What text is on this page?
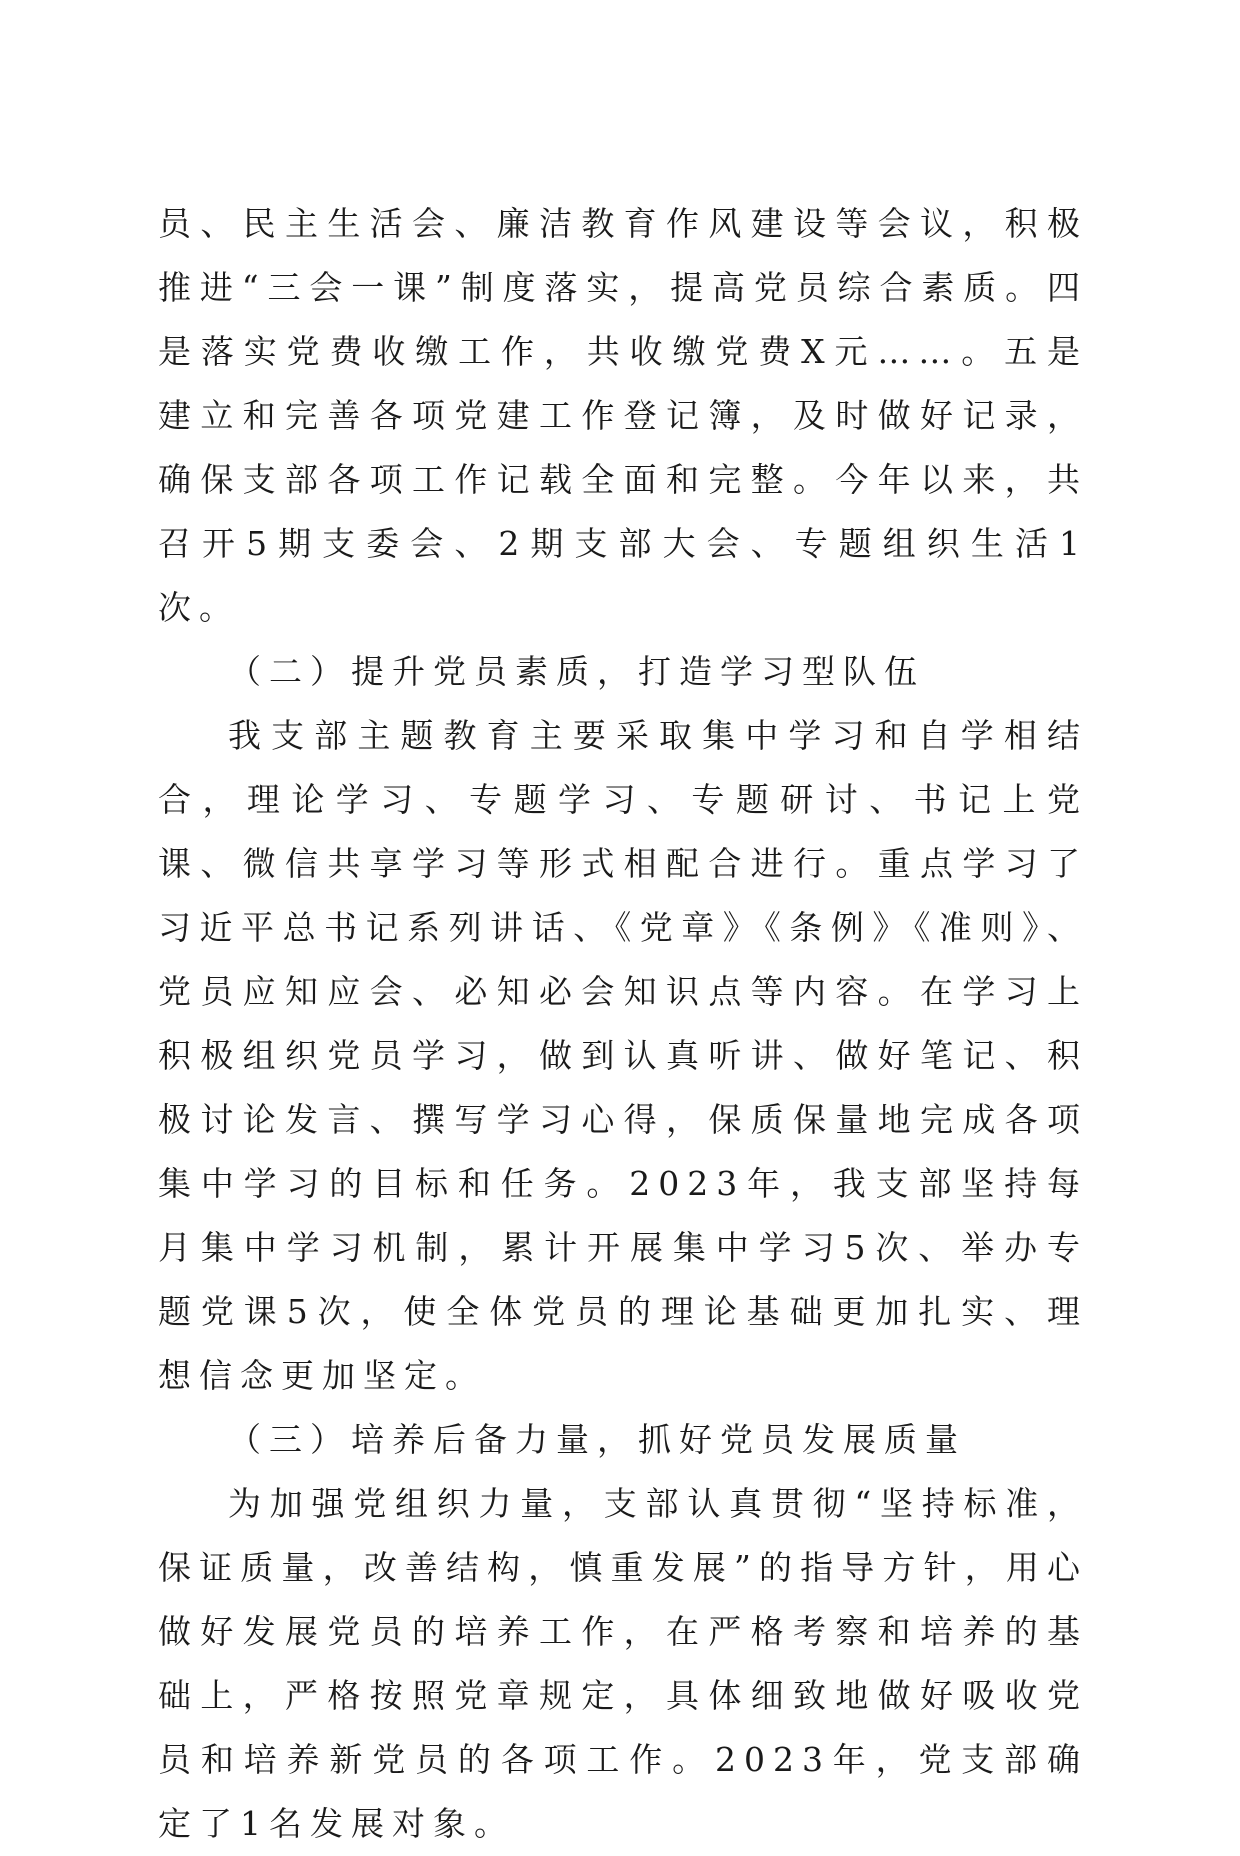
员、民主生活会、廉洁教育作风建设等会议，积极推进“三会一课”制度落实，提高党员综合素质。四是落实党费收缴工作，共收缴党费X元……。五是建立和完善各项党建工作登记簿，及时做好记录，确保支部各项工作记载全面和完整。今年以来，共召开5期支委会、2期支部大会、专题组织生活1次。

（二）提升党员素质，打造学习型队伍

我支部主题教育主要采取集中学习和自学相结合，理论学习、专题学习、专题研讨、书记上党课、微信共享学习等形式相配合进行。重点学习了习近平总书记系列讲话、《党章》《条例》《准则》、党员应知应会、必知必会知识点等内容。在学习上积极组织党员学习，做到认真听讲、做好笔记、积极讨论发言、撰写学习心得，保质保量地完成各项集中学习的目标和任务。2023年，我支部坚持每月集中学习机制，累计开展集中学习5次、举办专题党课5次，使全体党员的理论基础更加扎实、理想信念更加坚定。

（三）培养后备力量，抓好党员发展质量

为加强党组织力量，支部认真贯彻“坚持标准，保证质量，改善结构，慎重发展”的指导方针，用心做好发展党员的培养工作，在严格考察和培养的基础上，严格按照党章规定，具体细致地做好吸收党员和培养新党员的各项工作。2023年，党支部确定了1名发展对象。
